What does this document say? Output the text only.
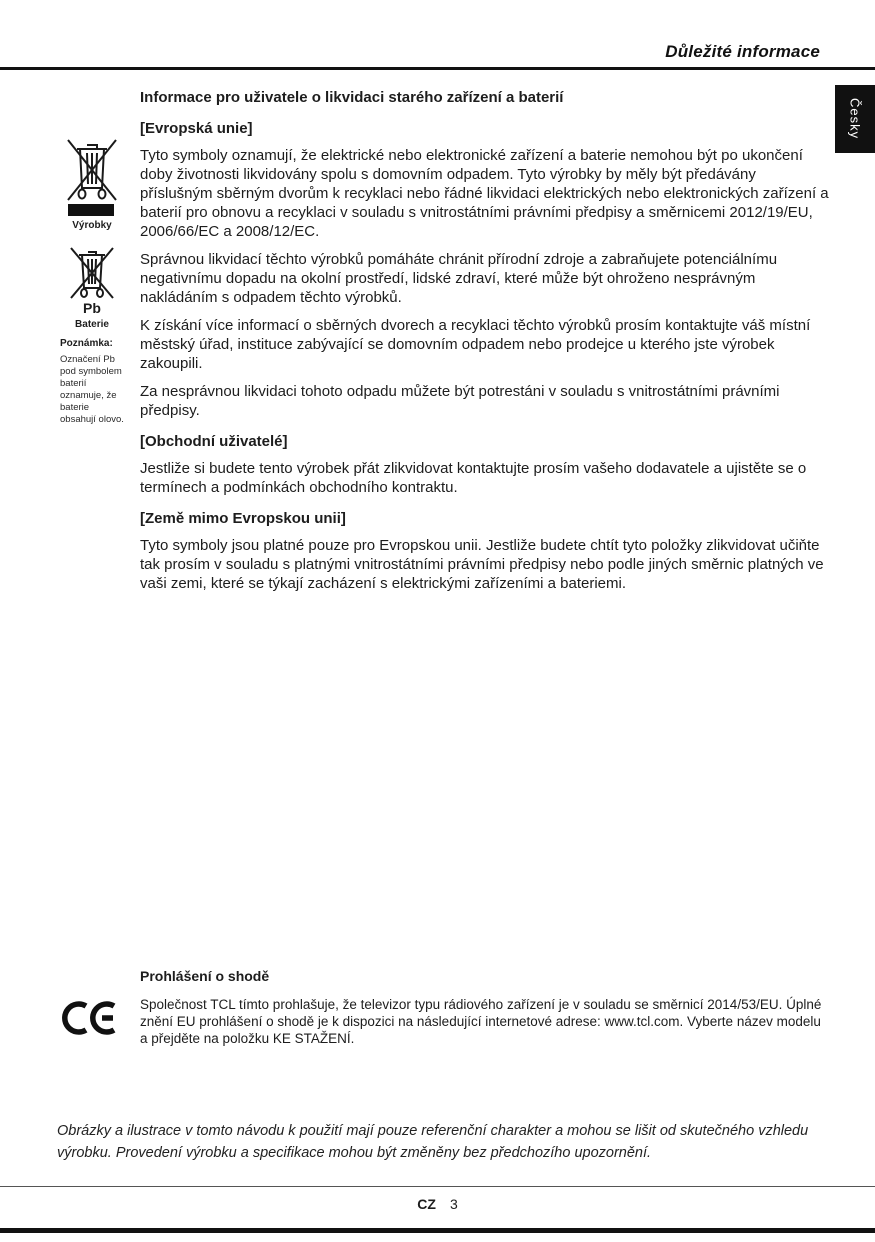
Důležité informace
Česky
Výrobky
Pb
Baterie
Poznámka:
Označení Pb pod symbolem baterií oznamuje, že baterie obsahují olovo.
Informace pro uživatele o likvidaci starého zařízení a baterií
[Evropská unie]

Tyto symboly oznamují, že elektrické nebo elektronické zařízení a baterie nemohou být po ukončení doby životnosti likvidovány spolu s domovním odpadem. Tyto výrobky by měly být předávány příslušným sběrným dvorům k recyklaci nebo řádné likvidaci elektrických nebo elektronických zařízení a baterií pro obnovu a recyklaci v souladu s vnitrostátními právními předpisy a směrnicemi 2012/19/EU, 2006/66/EC a 2008/12/EC.

Správnou likvidací těchto výrobků pomáháte chránit přírodní zdroje a zabraňujete potenciálnímu negativnímu dopadu na okolní prostředí, lidské zdraví, které může být ohroženo nesprávným nakládáním s odpadem těchto výrobků.

K získání více informací o sběrných dvorech a recyklaci těchto výrobků prosím kontaktujte váš místní městský úřad, instituce zabývající se domovním odpadem nebo prodejce u kterého jste výrobek zakoupili.

Za nesprávnou likvidaci tohoto odpadu můžete být potrestáni v souladu s vnitrostátními právními předpisy.

[Obchodní uživatelé]

Jestliže si budete tento výrobek přát zlikvidovat kontaktujte prosím vašeho dodavatele a ujistěte se o termínech a podmínkách obchodního kontraktu.

[Země mimo Evropskou unii]

Tyto symboly jsou platné pouze pro Evropskou unii. Jestliže budete chtít tyto položky zlikvidovat učiňte tak prosím v souladu s platnými vnitrostátními právními předpisy nebo podle jiných směrnic platných ve vaši zemi, které se týkají zacházení s elektrickými zařízeními a bateriemi.

Prohlášení o shodě

Společnost TCL tímto prohlašuje, že televizor typu rádiového zařízení je v souladu se směrnicí 2014/53/EU. Úplné znění EU prohlášení o shodě je k dispozici na následující internetové adrese: www.tcl.com. Vyberte název modelu a přejděte na položku KE STAŽENÍ.

Obrázky a ilustrace v tomto návodu k použití mají pouze referenční charakter a mohou se lišit od skutečného vzhledu výrobku. Provedení výrobku a specifikace mohou být změněny bez předchozího upozornění.
CZ 3
